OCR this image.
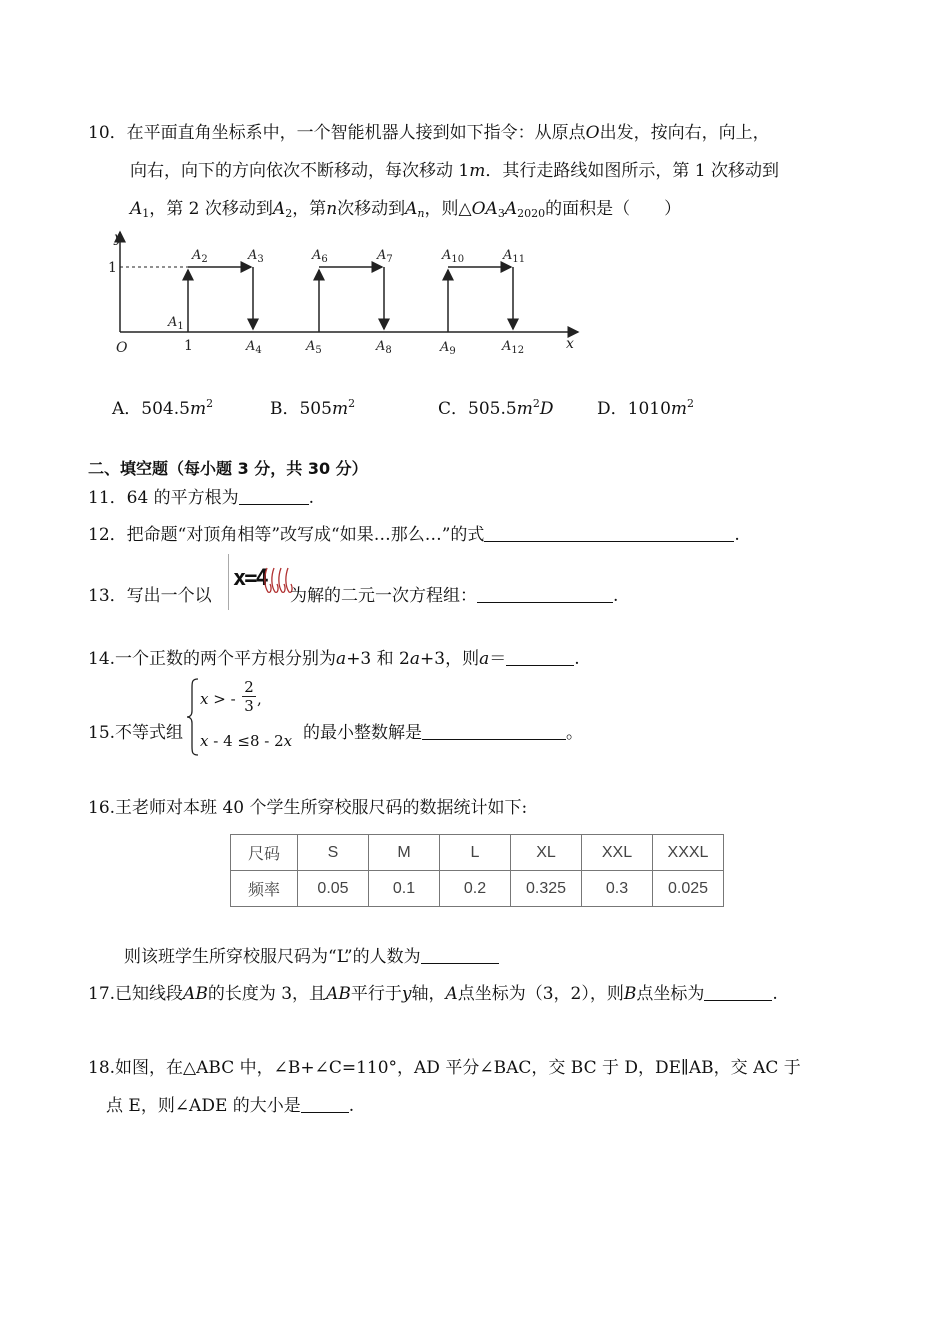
10．在平面直角坐标系中，一个智能机器人接到如下指令：从原点O出发，按向右，向上，
向右，向下的方向依次不断移动，每次移动 1m．其行走路线如图所示，第 1 次移动到
$A_1$，第 2 次移动到$A_2$，第n次移动到$A_n$，则$\triangle OA_3A_{2020}$的面积是（　　）
y
x
O
1
1
$A_1$
$A_2$	$A_3$
$A_4$	$A_5$
$A_6$	$A_7$
$A_8$	$A_9$
$A_{10}$	$A_{11}$
$A_{12}$
A．$504.5m^2$	B．$505m^2$	C．$505.5m^2D$	D．$1010m^2$
二、填空题（每小题 3 分，共 30 分）
11．64 的平方根为	.
12．把命题“对顶角相等”改写成“如果…那么…”的式	.
13．写出一个以
x=4
为解的二元一次方程组：	.
14.一个正数的两个平方根分别为a+3 和 2a+3，则a＝	.
15.不等式组
x > -
2
3 ,
x - 4 ≤8 - 2x 的最小整数解是	。
16.王老师对本班 40 个学生所穿校服尺码的数据统计如下:
尺码	S	M	L	XL	XXL	XXXL
频率	0.05	0.1	0.2	0.325	0.3	0.025
则该班学生所穿校服尺码为“L”的人数为
17.已知线段AB的长度为 3，且AB平行于y轴，A点坐标为（3，2），则B点坐标为	.
18.如图，在△ABC 中，∠B+∠C=110°，AD 平分∠BAC，交 BC 于 D，DE∥AB，交 AC 于
点 E，则∠ADE 的大小是	.
